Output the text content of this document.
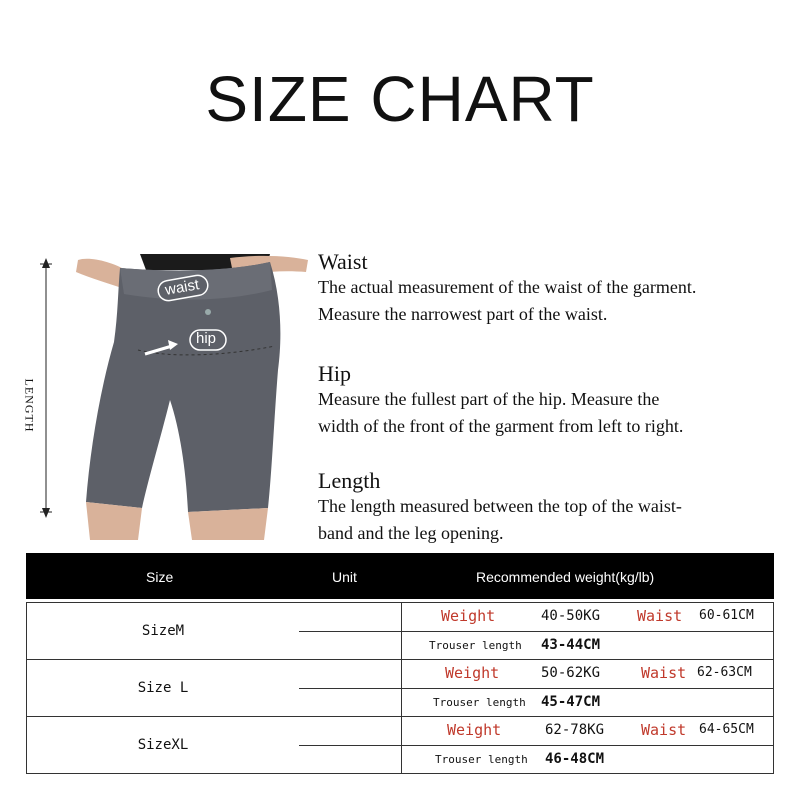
SIZE CHART
LENGTH
waist
hip
Waist

The actual measurement of the waist of the garment.

Measure the narrowest part of the waist.

Hip

Measure the fullest part of the hip. Measure the

width of the front of the garment from left to right.

Length

The length measured between the top of the waist-

band and the leg opening.

Size	Unit	Recommended weight(kg/lb)
SizeM
Weight	40-50KG Waist 60-61CM
Trouser length 43-44CM
Size L
Weight	50-62KG	Waist 62-63CM
Trouser length 45-47CM
SizeXL
Weight	62-78KG Waist 64-65CM
Trouser length 46-48CM
